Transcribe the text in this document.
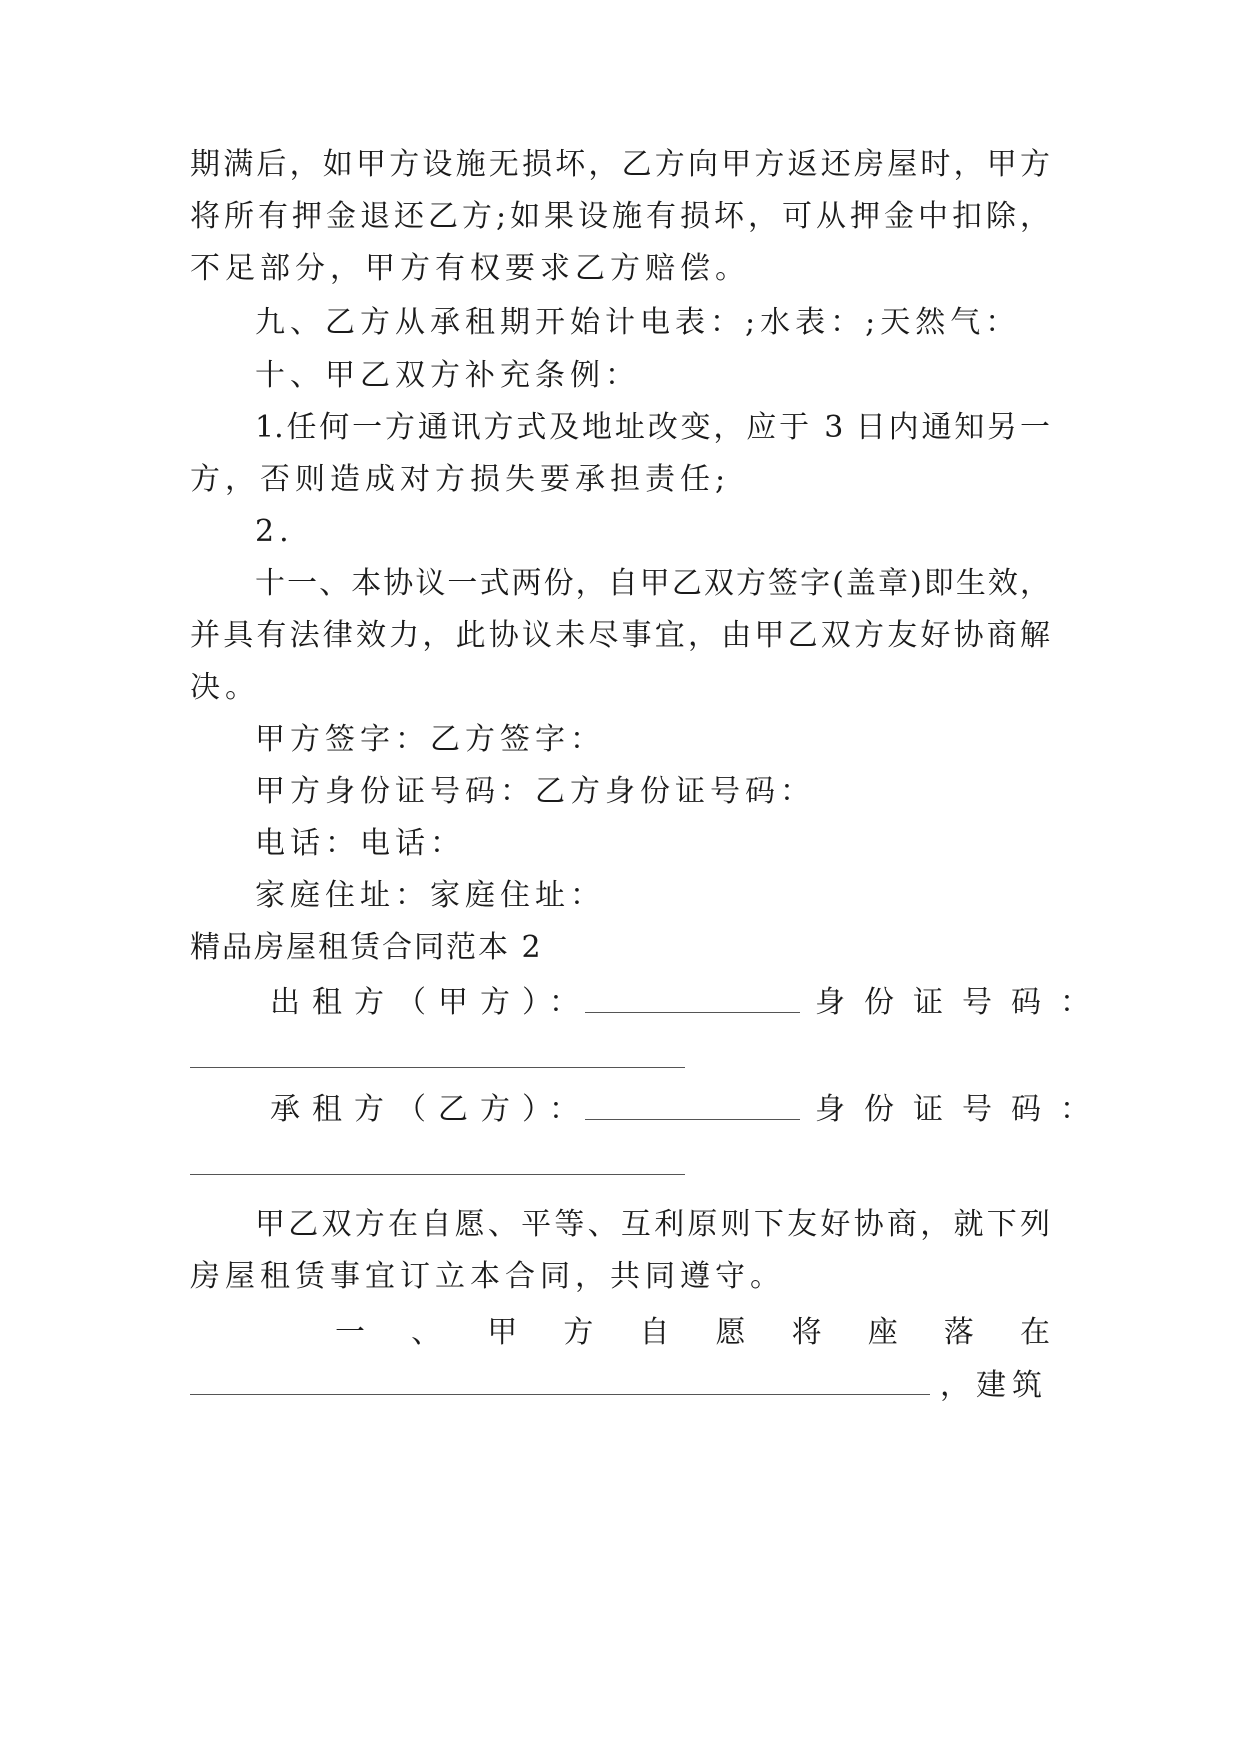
期满后，如甲方设施无损坏，乙方向甲方返还房屋时，甲方
将所有押金退还乙方;如果设施有损坏，可从押金中扣除，
不足部分，甲方有权要求乙方赔偿。
九、乙方从承租期开始计电表：;水表：;天然气：
十、甲乙双方补充条例：
1.任何一方通讯方式及地址改变，应于 3 日内通知另一
方，否则造成对方损失要承担责任;
2.
十一、本协议一式两份，自甲乙双方签字(盖章)即生效，
并具有法律效力，此协议未尽事宜，由甲乙双方友好协商解
决。
甲方签字：乙方签字：
甲方身份证号码：乙方身份证号码：
电话：电话：
家庭住址：家庭住址：
精品房屋租赁合同范本 2
出租方（甲方）：	身份证号码：
承租方（乙方）：	身份证号码：
甲乙双方在自愿、平等、互利原则下友好协商，就下列
房屋租赁事宜订立本合同，共同遵守。
一 、 甲 方 自 愿 将 座 落 在
，建筑
